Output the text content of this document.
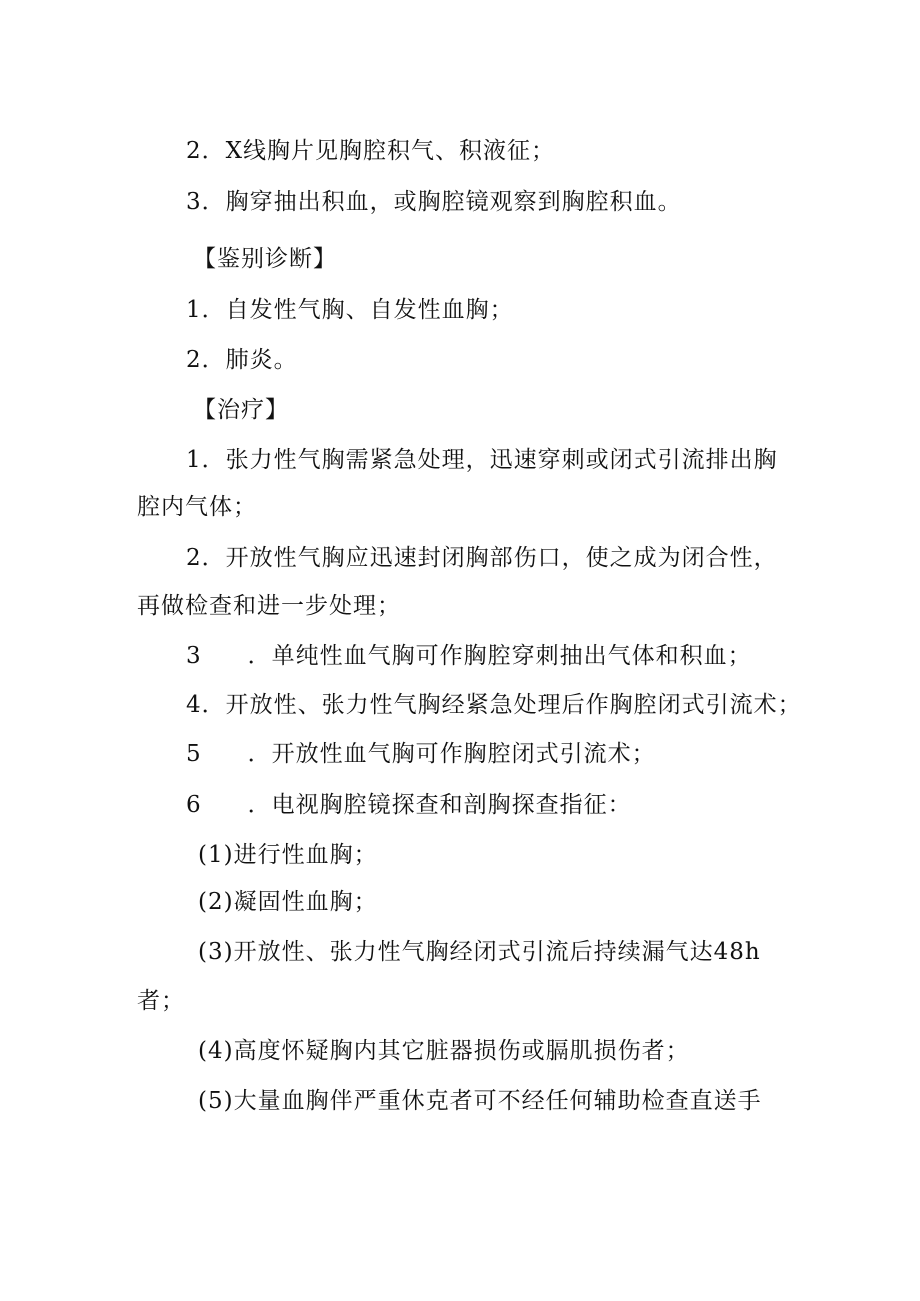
2．X线胸片见胸腔积气、积液征；
3．胸穿抽出积血，或胸腔镜观察到胸腔积血。
【鉴别诊断】
1．自发性气胸、自发性血胸；
2．肺炎。
【治疗】
1．张力性气胸需紧急处理，迅速穿刺或闭式引流排出胸
腔内气体；
2．开放性气胸应迅速封闭胸部伤口，使之成为闭合性，
再做检查和进一步处理；
3 ．单纯性血气胸可作胸腔穿刺抽出气体和积血；
4．开放性、张力性气胸经紧急处理后作胸腔闭式引流术；
5 ．开放性血气胸可作胸腔闭式引流术；
6 ．电视胸腔镜探查和剖胸探查指征：
(1)进行性血胸；
(2)凝固性血胸；
(3)开放性、张力性气胸经闭式引流后持续漏气达48h
者；
(4)高度怀疑胸内其它脏器损伤或膈肌损伤者；
(5)大量血胸伴严重休克者可不经任何辅助检查直送手
